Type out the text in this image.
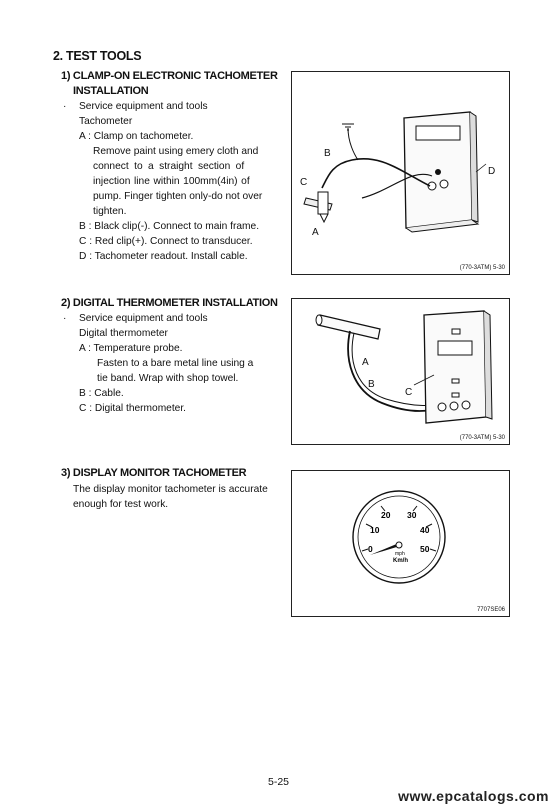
2. TEST TOOLS
1) CLAMP-ON ELECTRONIC TACHOMETER
INSTALLATION
· Service equipment and tools
Tachometer
A : Clamp on tachometer.
Remove paint using emery cloth and
connect to a straight section of
injection line within 100mm(4in) of
pump. Finger tighten only-do not over
tighten.
B : Black clip(-). Connect to main frame.
C : Red clip(+). Connect to transducer.
D : Tachometer readout. Install cable.
B
C
A
D
(770-3ATM) 5-30
2) DIGITAL THERMOMETER INSTALLATION
· Service equipment and tools
Digital thermometer
A : Temperature probe.
Fasten to a bare metal line using a
tie band. Wrap with shop towel.
B : Cable.
C : Digital thermometer.
A
B
C
(770-3ATM) 5-30
3) DISPLAY MONITOR TACHOMETER
The display monitor tachometer is accurate
enough for test work.
0
10
20 30
40
50
mph
Km/h
7707SE06
5-25
www.epcatalogs.com
